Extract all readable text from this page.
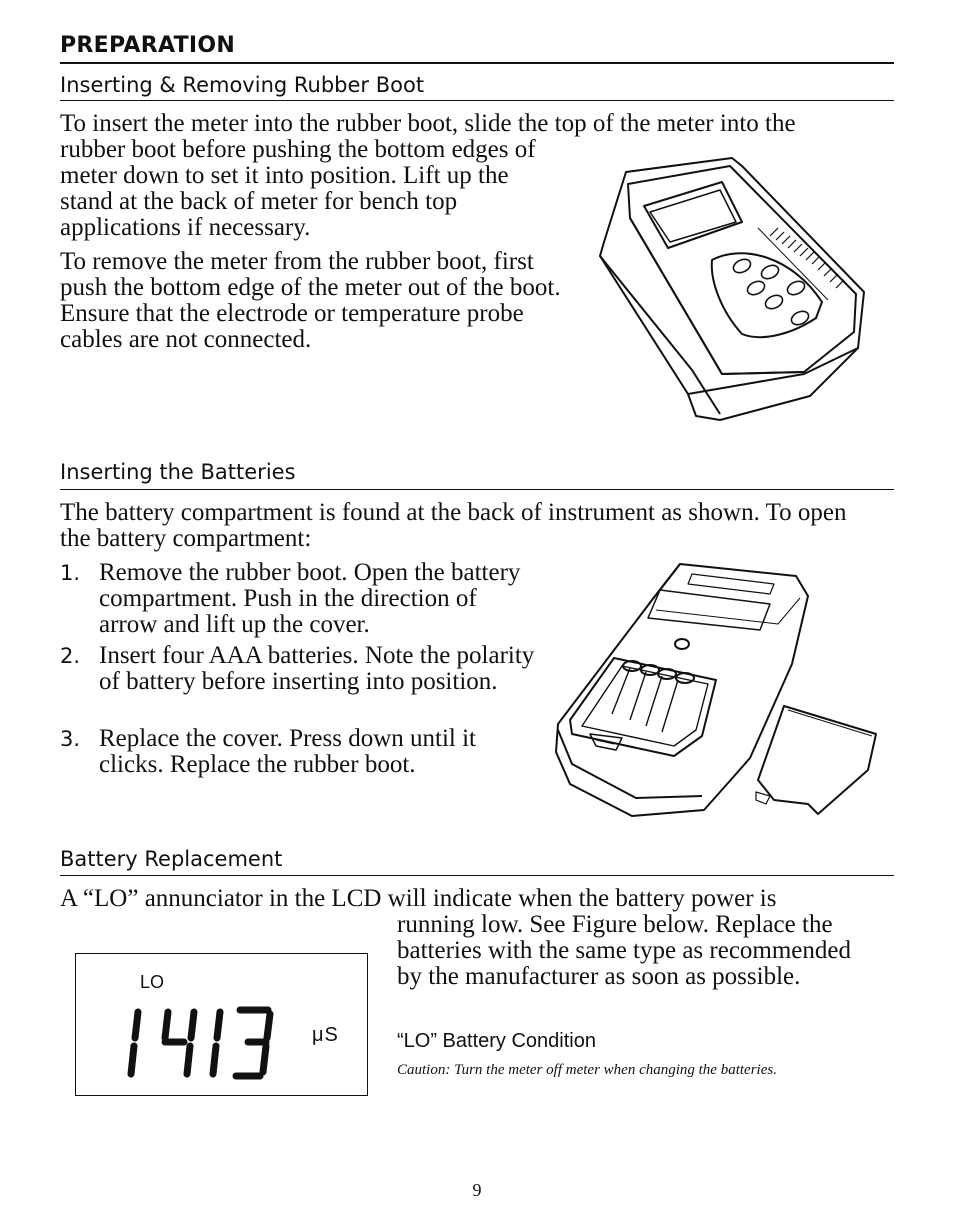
PREPARATION
Inserting & Removing Rubber Boot
To insert the meter into the rubber boot, slide the top of the meter into the
rubber boot before pushing the bottom edges of meter down to set it into position. Lift up the stand at the back of meter for bench top applications if necessary.
To remove the meter from the rubber boot, first push the bottom edge of the meter out of the boot. Ensure that the electrode or temperature probe cables are not connected.
Inserting the Batteries
The battery compartment is found at the back of instrument as shown. To open the battery compartment:
1. Remove the rubber boot. Open the battery compartment. Push in the direction of arrow and lift up the cover.
2. Insert four AAA batteries. Note the polarity of battery before inserting into position.
3. Replace the cover. Press down until it clicks. Replace the rubber boot.
Battery Replacement
A “LO” annunciator in the LCD will indicate when the battery power is
running low. See Figure below. Replace the batteries with the same type as recommended by the manufacturer as soon as possible.
LO
μS	“LO” Battery Condition
Caution: Turn the meter off meter when changing the batteries.
9
